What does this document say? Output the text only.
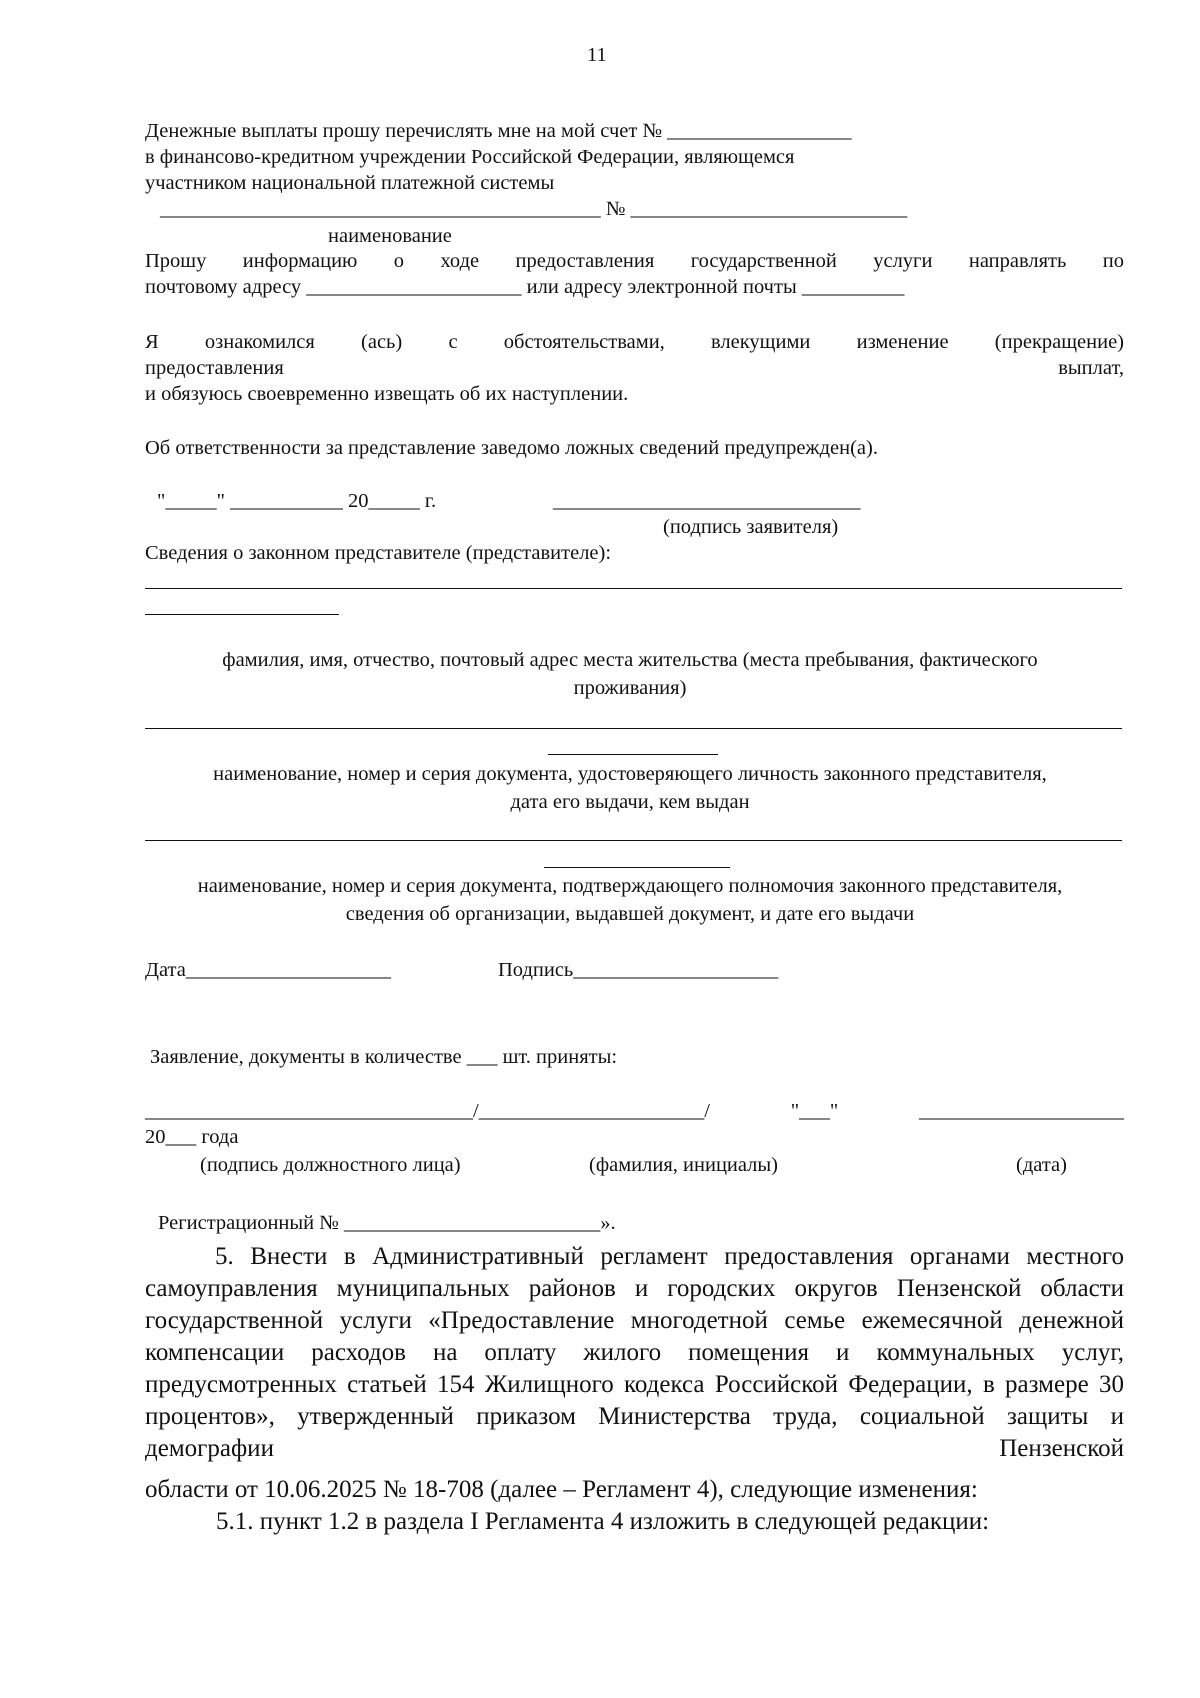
11
Денежные выплаты прошу перечислять мне на мой счет № __________________
в финансово-кредитном учреждении Российской Федерации, являющемся
участником национальной платежной системы
___________________________________________ № ___________________________
наименование
Прошу информацию о ходе предоставления государственной услуги направлять по
почтовому адресу _____________________ или адресу электронной почты __________
Я ознакомился (ась) с обстоятельствами, влекущими изменение (прекращение)
предоставления выплат,
и обязуюсь своевременно извещать об их наступлении.
Об ответственности за представление заведомо ложных сведений предупрежден(а).
"_____" ___________ 20_____ г.	______________________________
(подпись заявителя)
Сведения о законном представителе (представителе):
фамилия, имя, отчество, почтовый адрес места жительства (места пребывания, фактического проживания)
наименование, номер и серия документа, удостоверяющего личность законного представителя, дата его выдачи, кем выдан
наименование, номер и серия документа, подтверждающего полномочия законного представителя, сведения об организации, выдавшей документ, и дате его выдачи
Дата____________________	Подпись____________________
Заявление, документы в количестве ___ шт. приняты:
________________________________/______________________/ "___" ____________________
20___ года
(подпись должностного лица)	(фамилия, инициалы)	(дата)
Регистрационный № _________________________».
5. Внести в Административный регламент предоставления органами местного самоуправления муниципальных районов и городских округов Пензенской области государственной услуги «Предоставление многодетной семье ежемесячной денежной компенсации расходов на оплату жилого помещения и коммунальных услуг, предусмотренных статьей 154 Жилищного кодекса Российской Федерации, в размере 30 процентов», утвержденный приказом Министерства труда, социальной защиты и демографии Пензенской
области от 10.06.2025 № 18-708 (далее – Регламент 4), следующие изменения:
5.1. пункт 1.2 в раздела I Регламента 4 изложить в следующей редакции:
